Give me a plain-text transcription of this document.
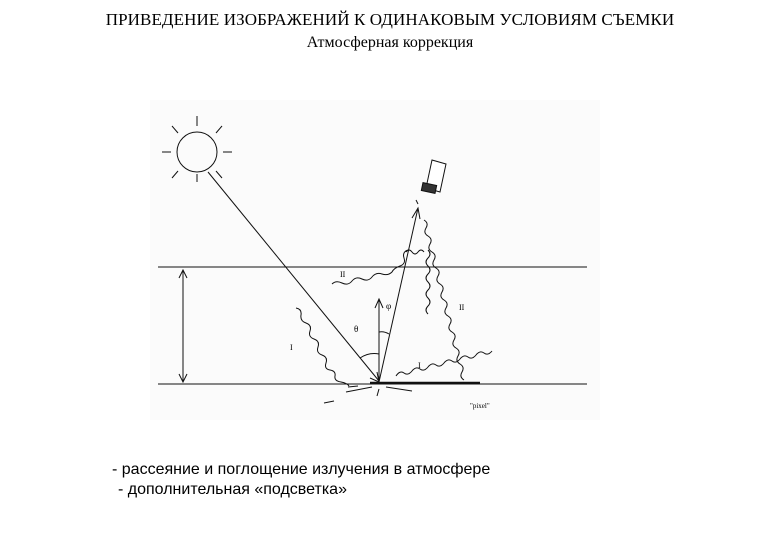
ПРИВЕДЕНИЕ ИЗОБРАЖЕНИЙ К ОДИНАКОВЫМ УСЛОВИЯМ СЪЕМКИ
Атмосферная коррекция
II
II
I
I
θ
φ
"pixel"
- рассеяние и поглощение излучения в атмосфере
- дополнительная «подсветка»
